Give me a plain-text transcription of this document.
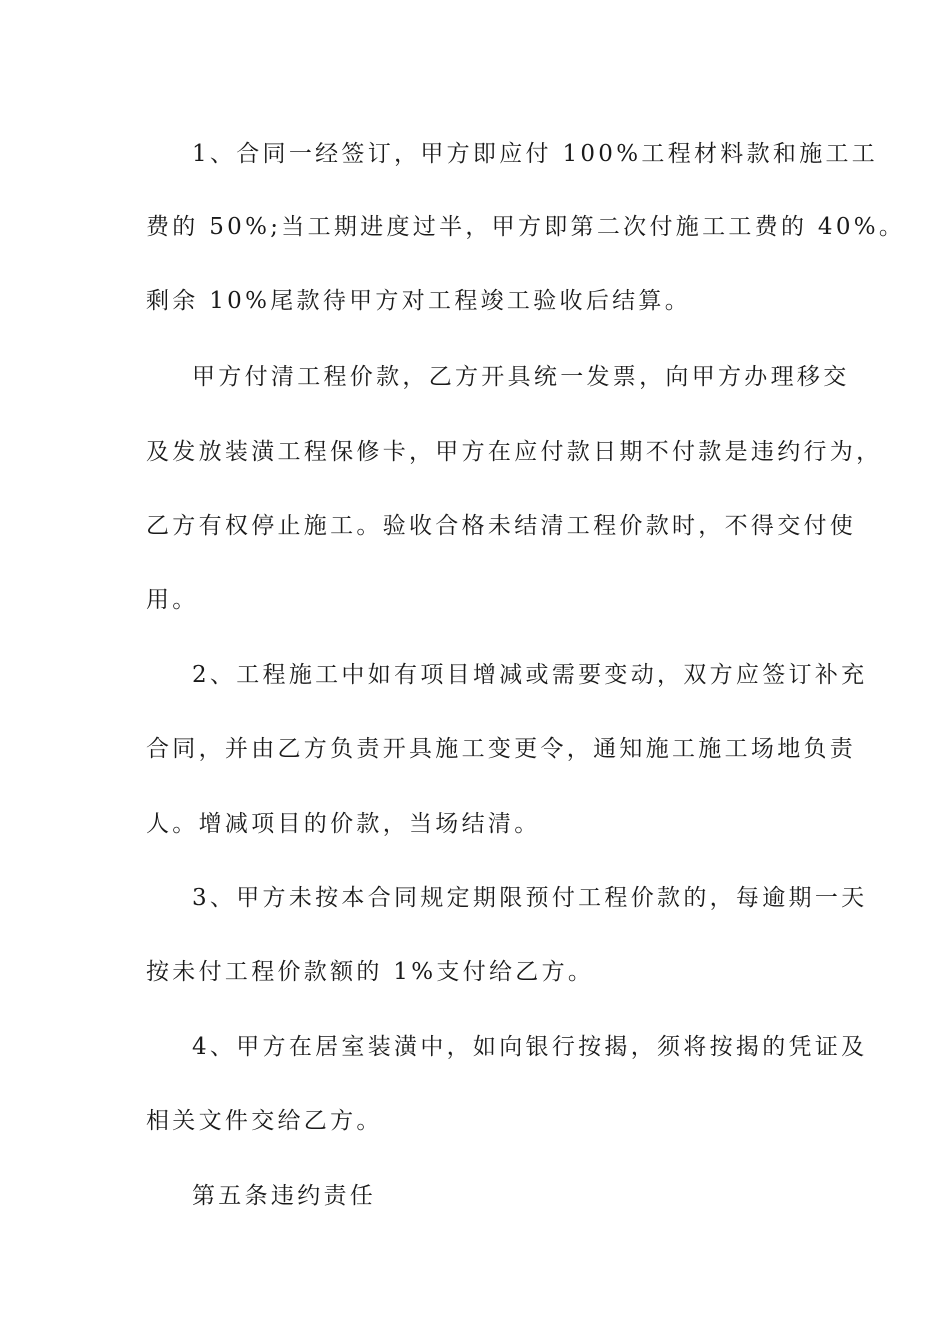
1、合同一经签订，甲方即应付 100%工程材料款和施工工
费的 50%;当工期进度过半，甲方即第二次付施工工费的 40%。
剩余 10%尾款待甲方对工程竣工验收后结算。
甲方付清工程价款，乙方开具统一发票，向甲方办理移交
及发放装潢工程保修卡，甲方在应付款日期不付款是违约行为，
乙方有权停止施工。验收合格未结清工程价款时，不得交付使
用。
2、工程施工中如有项目增减或需要变动，双方应签订补充
合同，并由乙方负责开具施工变更令，通知施工施工场地负责
人。增减项目的价款，当场结清。
3、甲方未按本合同规定期限预付工程价款的，每逾期一天
按未付工程价款额的 1%支付给乙方。
4、甲方在居室装潢中，如向银行按揭，须将按揭的凭证及
相关文件交给乙方。
第五条违约责任
